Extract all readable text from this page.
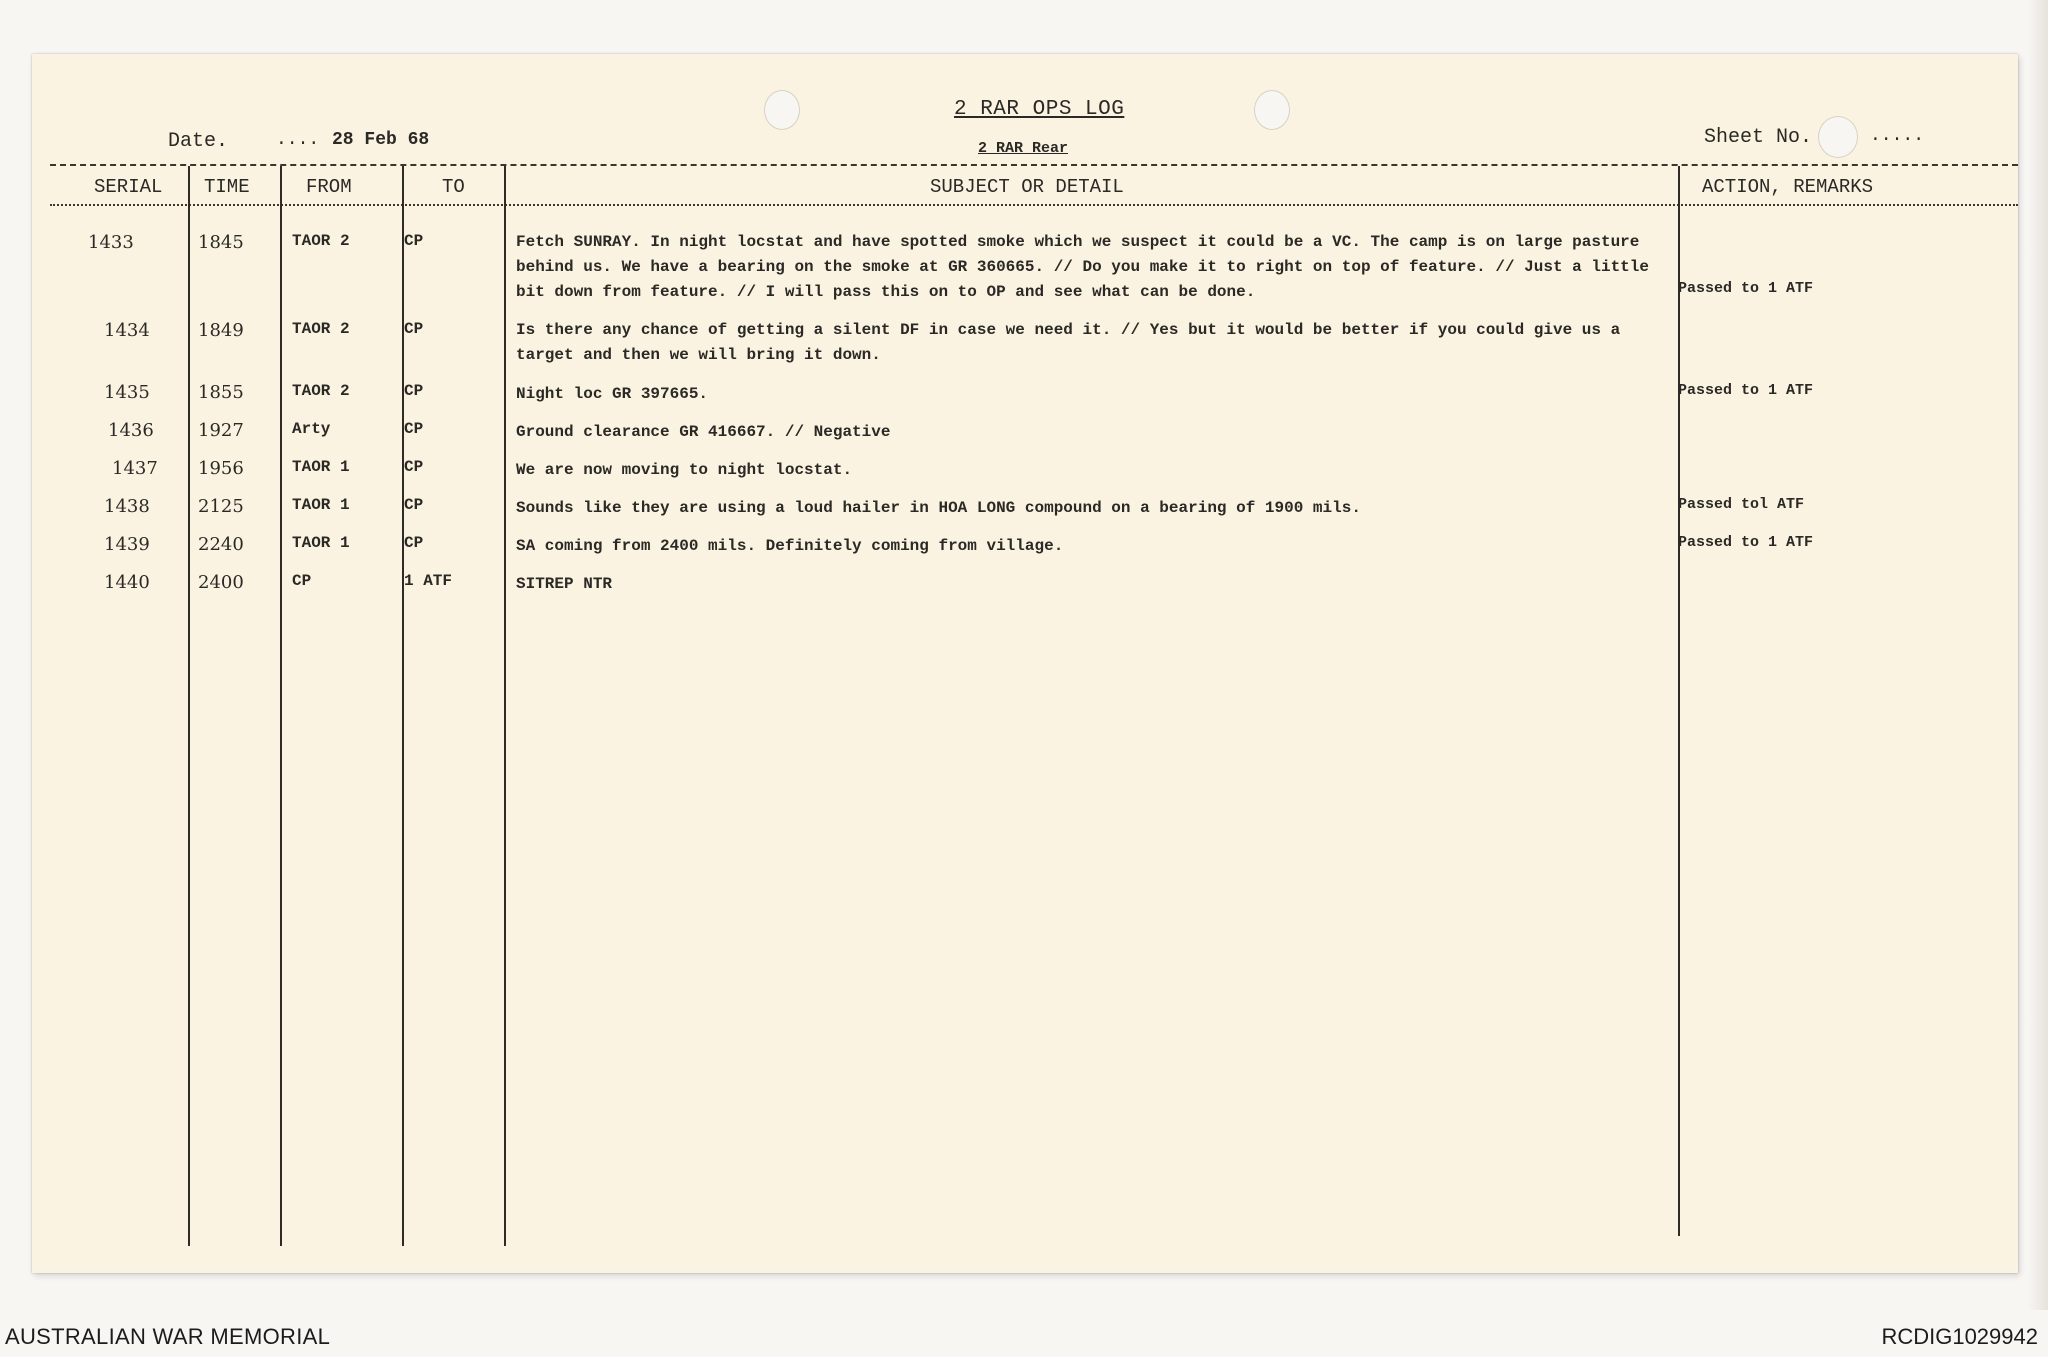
2 RAR OPS LOG
2 RAR Rear
Date.	.... 28 Feb 68	Sheet No.	.....
SERIAL TIME	FROM	TO	SUBJECT OR DETAIL	ACTION, REMARKS
1433	1845	TAOR 2	CP	Fetch SUNRAY. In night locstat and have spotted smoke which we suspect it could be a VC. The camp is on large pasture behind us. We have a bearing on the smoke at GR 360665. // Do you make it to right on top of feature. // Just a little bit down from feature. // I will pass this on to OP and see what can be done.	Passed to 1 ATF
1434	1849	TAOR 2	CP	Is there any chance of getting a silent DF in case we need it. // Yes but it would be better if you could give us a target and then we will bring it down.
1435	1855	TAOR 2	CP	Night loc GR 397665.	Passed to 1 ATF
1436 1927	Arty	CP	Ground clearance GR 416667. // Negative
1437 1956	TAOR 1	CP	We are now moving to night locstat.
1438	2125	TAOR 1	CP	Sounds like they are using a loud hailer in HOA LONG compound on a bearing of 1900 mils.	Passed tol ATF
1439	2240	TAOR 1	CP	SA coming from 2400 mils. Definitely coming from village.	Passed to 1 ATF
1440	2400	CP	1 ATF	SITREP NTR
AUSTRALIAN WAR MEMORIAL	RCDIG1029942
